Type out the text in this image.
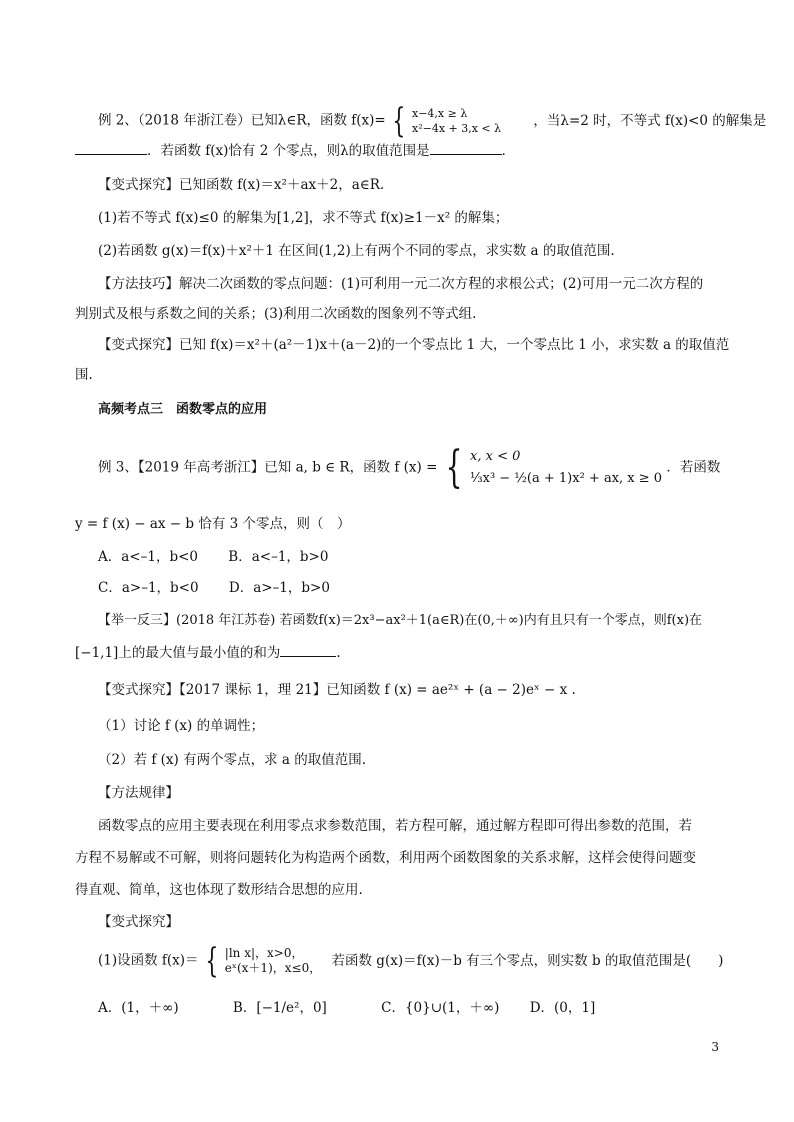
例 2、（2018 年浙江卷）已知λ∈R，函数 f(x)= { x−4,x ≥ λ
x²−4x + 3,x < λ ，当λ=2 时，不等式 f(x)<0 的解集是
．若函数 f(x)恰有 2 个零点，则λ的取值范围是	．
【变式探究】已知函数 f(x)＝x²＋ax＋2，a∈R.
(1)若不等式 f(x)≤0 的解集为[1,2]，求不等式 f(x)≥1－x² 的解集；
(2)若函数 g(x)＝f(x)＋x²＋1 在区间(1,2)上有两个不同的零点，求实数 a 的取值范围.
【方法技巧】解决二次函数的零点问题：(1)可利用一元二次方程的求根公式；(2)可用一元二次方程的
判别式及根与系数之间的关系；(3)利用二次函数的图象列不等式组.
【变式探究】已知 f(x)＝x²＋(a²－1)x＋(a－2)的一个零点比 1 大，一个零点比 1 小，求实数 a 的取值范
围.
高频考点三　函数零点的应用
例 3、【2019 年高考浙江】已知 a, b ∈ R，函数 f (x) = { x, x < 0
⅓x³ − ½(a + 1)x² + ax, x ≥ 0 ．若函数
y = f (x) − ax − b 恰有 3 个零点，则（　）
A．a<–1，b<0 B．a<–1，b>0
C．a>–1，b<0 D．a>–1，b>0
【举一反三】(2018 年江苏卷) 若函数f(x)＝2x³−ax²＋1(a∈R)在(0,＋∞)内有且只有一个零点，则f(x)在
[−1,1]上的最大值与最小值的和为	.
【变式探究】【2017 课标 1，理 21】已知函数 f (x) = ae²ˣ + (a − 2)eˣ − x .
（1）讨论 f (x) 的单调性；
（2）若 f (x) 有两个零点，求 a 的取值范围.
【方法规律】
函数零点的应用主要表现在利用零点求参数范围，若方程可解，通过解方程即可得出参数的范围，若
方程不易解或不可解，则将问题转化为构造两个函数，利用两个函数图象的关系求解，这样会使得问题变
得直观、简单，这也体现了数形结合思想的应用.
【变式探究】
(1)设函数 f(x)＝ { |ln x|，x>0，
eˣ(x＋1)，x≤0， 若函数 g(x)＝f(x)－b 有三个零点，则实数 b 的取值范围是(　　)
A．(1，＋∞)	B．[−1/e²，0]	C．{0}∪(1，＋∞) D．(0，1]
3
